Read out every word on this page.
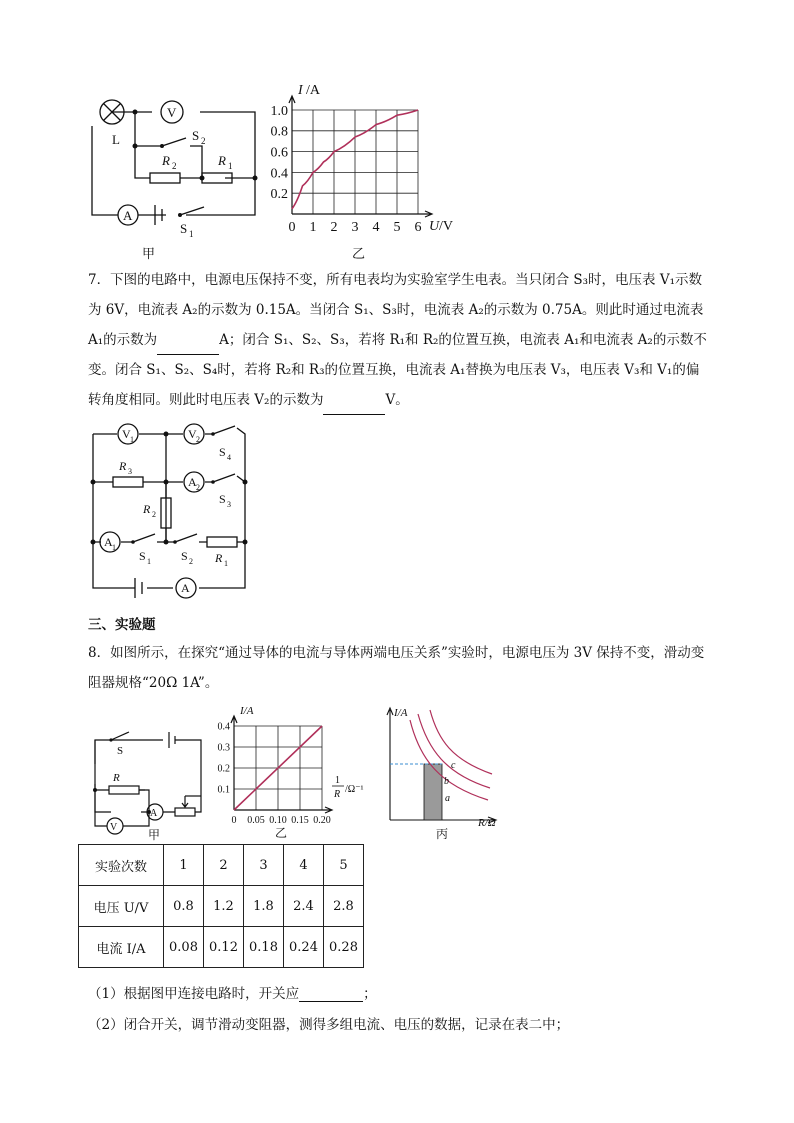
L
V
A
S 2
R 2	R 1
S 1
甲
I /A
U /V
乙
0 1 2 3 4 5 6
0.2
0.4
0.6
0.8
1.0

7．下图的电路中，电源电压保持不变，所有电表均为实验室学生电表。当只闭合 S₃时，电压表 V₁示数为 6V，电流表 A₂的示数为 0.15A。当闭合 S₁、S₃时，电流表 A₂的示数为 0.75A。则此时通过电流表 A₁的示数为	A；闭合 S₁、S₂、S₃，若将 R₁和 R₂的位置互换，电流表 A₁和电流表 A₂的示数不变。闭合 S₁、S₂、S₄时，若将 R₂和 R₃的位置互换，电流表 A₁替换为电压表 V₃，电压表 V₃和 V₁的偏转角度相同。则此时电压表 V₂的示数为	V。

V 1	V 2
S 4
R 3
A 2
S 3
R 2
A 1
S 1	S 2 R 1
A
三、实验题

8．如图所示，在探究“通过导体的电流与导体两端电压关系”实验时，电源电压为 3V 保持不变，滑动变阻器规格“20Ω 1A”。

S
R
A
V
甲
I/A
1
R /Ω⁻¹
乙
0 0.05 0.10 0.15 0.20
0.1
0.2
0.3
0.4
I/A
R/Ω
c
b
a
丙
实验次数	1	2	3	4	5
电压 U/V	0.8	1.2	1.8	2.4	2.8
电流 I/A	0.08	0.12	0.18	0.24	0.28

（1）根据图甲连接电路时，开关应	；

（2）闭合开关，调节滑动变阻器，测得多组电流、电压的数据，记录在表二中；
